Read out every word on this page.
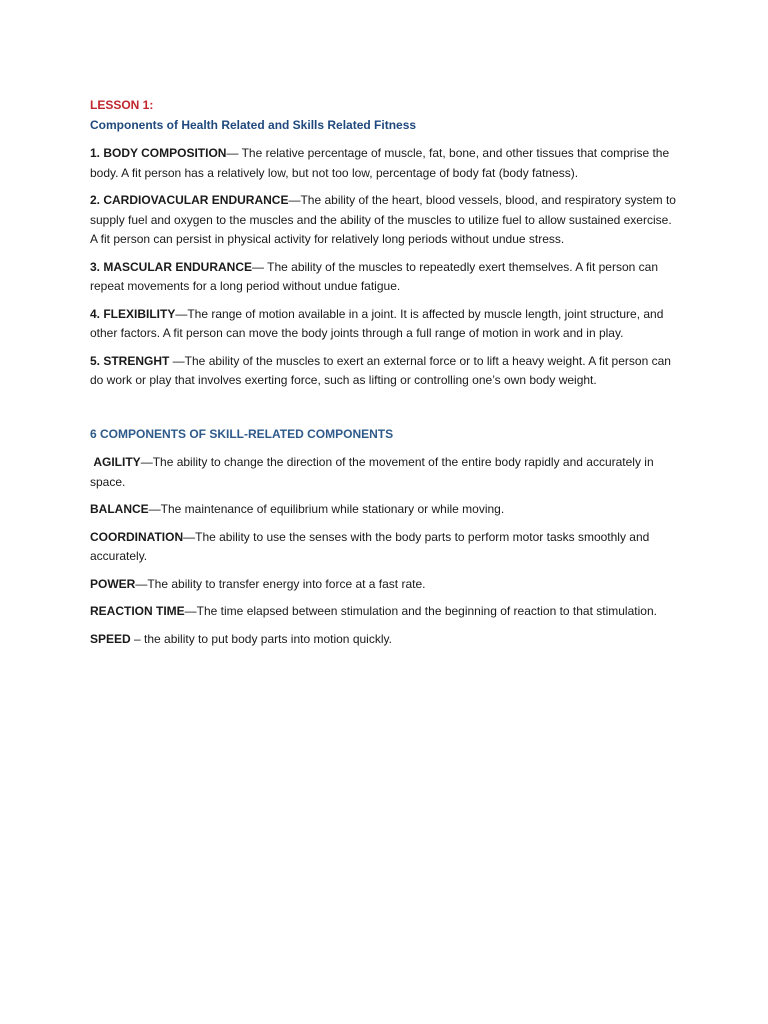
LESSON 1:

Components of Health Related and Skills Related Fitness

1. BODY COMPOSITION— The relative percentage of muscle, fat, bone, and other tissues that comprise the body. A fit person has a relatively low, but not too low, percentage of body fat (body fatness).

2. CARDIOVACULAR ENDURANCE—The ability of the heart, blood vessels, blood, and respiratory system to supply fuel and oxygen to the muscles and the ability of the muscles to utilize fuel to allow sustained exercise. A fit person can persist in physical activity for relatively long periods without undue stress.

3. MASCULAR ENDURANCE— The ability of the muscles to repeatedly exert themselves. A fit person can repeat movements for a long period without undue fatigue.

4. FLEXIBILITY—The range of motion available in a joint. It is affected by muscle length, joint structure, and other factors. A fit person can move the body joints through a full range of motion in work and in play.

5. STRENGHT —The ability of the muscles to exert an external force or to lift a heavy weight. A fit person can do work or play that involves exerting force, such as lifting or controlling one’s own body weight.

6 COMPONENTS OF SKILL-RELATED COMPONENTS

AGILITY—The ability to change the direction of the movement of the entire body rapidly and accurately in space.

BALANCE—The maintenance of equilibrium while stationary or while moving.

COORDINATION—The ability to use the senses with the body parts to perform motor tasks smoothly and accurately.

POWER—The ability to transfer energy into force at a fast rate.

REACTION TIME—The time elapsed between stimulation and the beginning of reaction to that stimulation.

SPEED – the ability to put body parts into motion quickly.
